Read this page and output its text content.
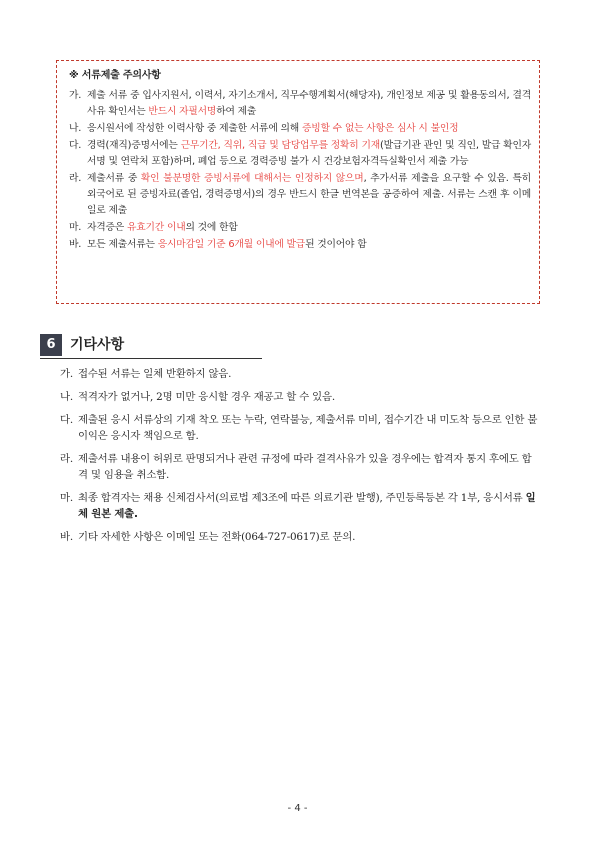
※ 서류제출 주의사항
가. 제출 서류 중 입사지원서, 이력서, 자기소개서, 직무수행계획서(해당자), 개인정보 제공 및 활용동의서, 결격사유 확인서는 반드시 자필서명하여 제출
나. 응시원서에 작성한 이력사항 중 제출한 서류에 의해 증빙할 수 없는 사항은 심사 시 불인정
다. 경력(재직)증명서에는 근무기간, 직위, 직급 및 담당업무를 정확히 기재(발급기관 관인 및 직인, 발급 확인자 서명 및 연락처 포함)하며, 폐업 등으로 경력증빙 불가 시 건강보험자격득실확인서 제출 가능
라. 제출서류 중 확인 불분명한 증빙서류에 대해서는 인정하지 않으며, 추가서류 제출을 요구할 수 있음. 특히 외국어로 된 증빙자료(졸업, 경력증명서)의 경우 반드시 한글 번역본을 공증하여 제출. 서류는 스캔 후 이메일로 제출
마. 자격증은 유효기간 이내의 것에 한함
바. 모든 제출서류는 응시마감일 기준 6개월 이내에 발급된 것이어야 함
6	기타사항
가. 접수된 서류는 일체 반환하지 않음.
나. 적격자가 없거나, 2명 미만 응시할 경우 재공고 할 수 있음.
다. 제출된 응시 서류상의 기재 착오 또는 누락, 연락불능, 제출서류 미비, 접수기간 내 미도착 등으로 인한 불이익은 응시자 책임으로 함.
라. 제출서류 내용이 허위로 판명되거나 관련 규정에 따라 결격사유가 있을 경우에는 합격자 통지 후에도 합격 및 임용을 취소함.
마. 최종 합격자는 채용 신체검사서(의료법 제3조에 따른 의료기관 발행), 주민등록등본 각 1부, 응시서류 일체 원본 제출.
바. 기타 자세한 사항은 이메일 또는 전화(064-727-0617)로 문의.
- 4 -
